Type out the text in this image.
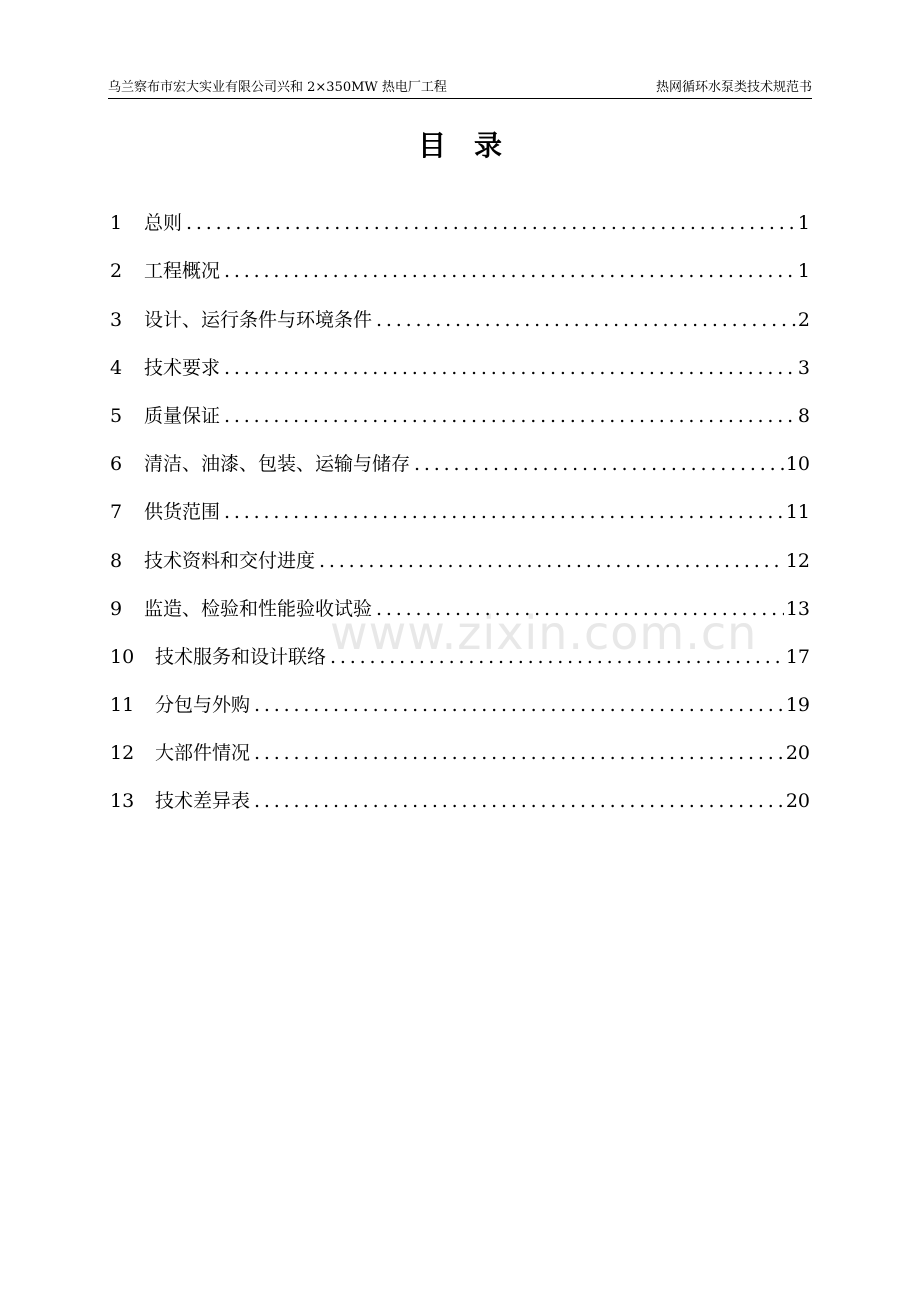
乌兰察布市宏大实业有限公司兴和 2×350MW 热电厂工程	热网循环水泵类技术规范书
目　录
www.zixin.com.cn
1	总则 . . .	1
2	工程概况 . . .	1
3	设计、运行条件与环境条件 . . .	2
4	技术要求 . . .	3
5	质量保证 . . .	8
6	清洁、油漆、包装、运输与储存 . . .	10
7	供货范围 . . .	11
8	技术资料和交付进度 . . .	12
9	监造、检验和性能验收试验 . . .	13
10	技术服务和设计联络 . . .	17
11	分包与外购 . . .	19
12	大部件情况 . . .	20
13	技术差异表 . . .	20
